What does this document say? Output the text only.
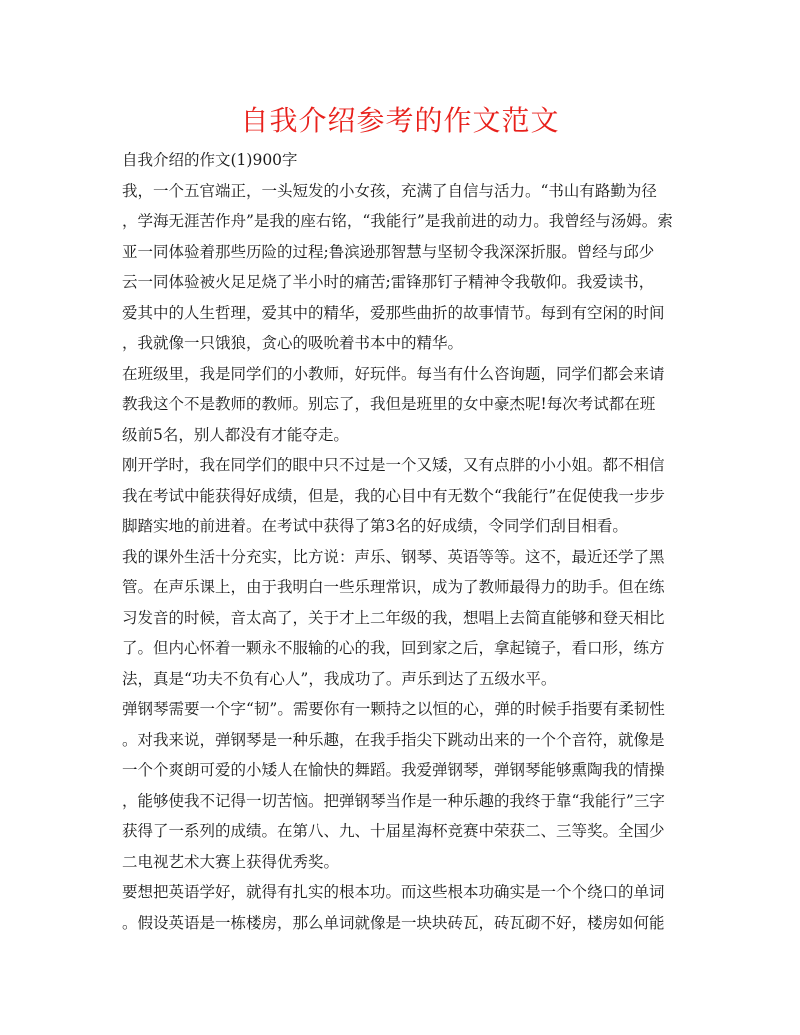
自我介绍参考的作文范文
自我介绍的作文(1)900字
我，一个五官端正，一头短发的小女孩，充满了自信与活力。“书山有路勤为径
，学海无涯苦作舟”是我的座右铭，“我能行”是我前进的动力。我曾经与汤姆。索
亚一同体验着那些历险的过程;鲁滨逊那智慧与坚韧令我深深折服。曾经与邱少
云一同体验被火足足烧了半小时的痛苦;雷锋那钉子精神令我敬仰。我爱读书，
爱其中的人生哲理，爱其中的精华，爱那些曲折的故事情节。每到有空闲的时间
，我就像一只饿狼，贪心的吸吮着书本中的精华。
在班级里，我是同学们的小教师，好玩伴。每当有什么咨询题，同学们都会来请
教我这个不是教师的教师。别忘了，我但是班里的女中豪杰呢!每次考试都在班
级前5名，别人都没有才能夺走。
刚开学时，我在同学们的眼中只不过是一个又矮，又有点胖的小小姐。都不相信
我在考试中能获得好成绩，但是，我的心目中有无数个“我能行”在促使我一步步
脚踏实地的前进着。在考试中获得了第3名的好成绩，令同学们刮目相看。
我的课外生活十分充实，比方说：声乐、钢琴、英语等等。这不，最近还学了黑
管。在声乐课上，由于我明白一些乐理常识，成为了教师最得力的助手。但在练
习发音的时候，音太高了，关于才上二年级的我，想唱上去简直能够和登天相比
了。但内心怀着一颗永不服输的心的我，回到家之后，拿起镜子，看口形，练方
法，真是“功夫不负有心人”，我成功了。声乐到达了五级水平。
弹钢琴需要一个字“韧”。需要你有一颗持之以恒的心，弹的时候手指要有柔韧性
。对我来说，弹钢琴是一种乐趣，在我手指尖下跳动出来的一个个音符，就像是
一个个爽朗可爱的小矮人在愉快的舞蹈。我爱弹钢琴，弹钢琴能够熏陶我的情操
，能够使我不记得一切苦恼。把弹钢琴当作是一种乐趣的我终于靠“我能行”三字
获得了一系列的成绩。在第八、九、十届星海杯竞赛中荣获二、三等奖。全国少
二电视艺术大赛上获得优秀奖。
要想把英语学好，就得有扎实的根本功。而这些根本功确实是一个个绕口的单词
。假设英语是一栋楼房，那么单词就像是一块块砖瓦，砖瓦砌不好，楼房如何能
